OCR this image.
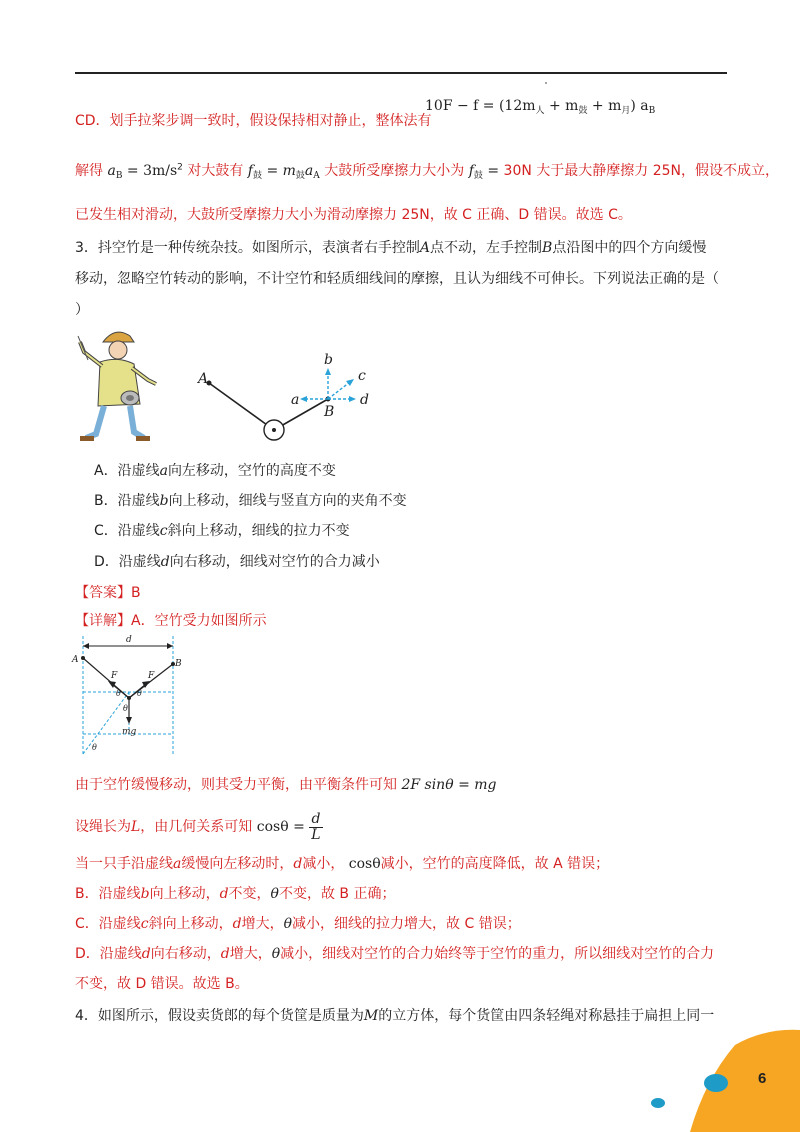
CD．划手拉桨步调一致时，假设保持相对静止，整体法有
$10F - f = (12m_人 + m_鼓 + m_月)$ $a_B$
解得 $a_B = 3m/s^2$ 对大鼓有 $f_鼓 = m_鼓a_A$ 大鼓所受摩擦力大小为 $f_鼓 = 30N$ 大于最大静摩擦力 25N，假设不成立，
已发生相对滑动，大鼓所受摩擦力大小为滑动摩擦力 25N，故 C 正确、D 错误。故选 C。
3．抖空竹是一种传统杂技。如图所示，表演者右手控制A点不动，左手控制B点沿图中的四个方向缓慢
移动，忽略空竹转动的影响，不计空竹和轻质细线间的摩擦，且认为细线不可伸长。下列说法正确的是（
）
A
B
a
b
c
d
A．沿虚线a向左移动，空竹的高度不变
B．沿虚线b向上移动，细线与竖直方向的夹角不变
C．沿虚线c斜向上移动，细线的拉力不变
D．沿虚线d向右移动，细线对空竹的合力减小
【答案】B
【详解】A．空竹受力如图所示
d
A	B
F	F
θ θ
θ
θ
mg
由于空竹缓慢移动，则其受力平衡，由平衡条件可知 2F sinθ = mg
设绳长为L，由几何关系可知 $\cos\theta = \frac{d}{L}$
当一只手沿虚线a缓慢向左移动时，d减小， cosθ减小，空竹的高度降低，故 A 错误；
B．沿虚线b向上移动，d不变，θ不变，故 B 正确；
C．沿虚线c斜向上移动，d增大，θ减小，细线的拉力增大，故 C 错误；
D．沿虚线d向右移动，d增大，θ减小，细线对空竹的合力始终等于空竹的重力，所以细线对空竹的合力
不变，故 D 错误。故选 B。
4．如图所示，假设卖货郎的每个货筐是质量为M的立方体，每个货筐由四条轻绳对称悬挂于扁担上同一
6
